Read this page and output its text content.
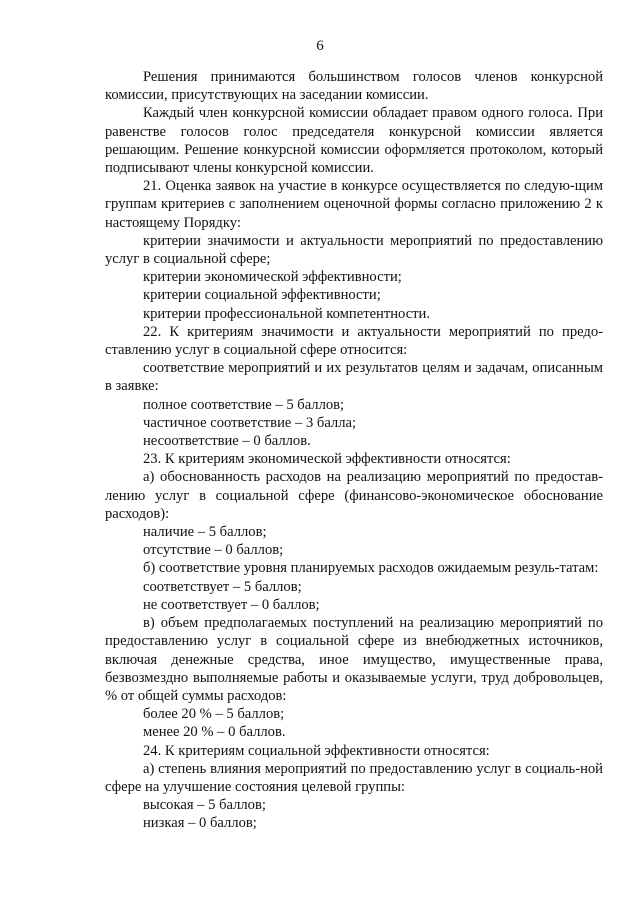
6

Решения принимаются большинством голосов членов конкурсной комиссии, присутствующих на заседании комиссии.

Каждый член конкурсной комиссии обладает правом одного голоса. При равенстве голосов голос председателя конкурсной комиссии является решающим. Решение конкурсной комиссии оформляется протоколом, который подписывают члены конкурсной комиссии.

21. Оценка заявок на участие в конкурсе осуществляется по следую-щим группам критериев с заполнением оценочной формы согласно приложению 2 к настоящему Порядку:

критерии значимости и актуальности мероприятий по предоставлению услуг в социальной сфере;

критерии экономической эффективности;

критерии социальной эффективности;

критерии профессиональной компетентности.

22. К критериям значимости и актуальности мероприятий по предо-ставлению услуг в социальной сфере относится:

соответствие мероприятий и их результатов целям и задачам, описанным в заявке:

полное соответствие – 5 баллов;

частичное соответствие – 3 балла;

несоответствие – 0 баллов.

23. К критериям экономической эффективности относятся:

а) обоснованность расходов на реализацию мероприятий по предостав-лению услуг в социальной сфере (финансово-экономическое обоснование расходов):

наличие – 5 баллов;

отсутствие – 0 баллов;

б) соответствие уровня планируемых расходов ожидаемым резуль-татам:

соответствует – 5 баллов;

не соответствует – 0 баллов;

в) объем предполагаемых поступлений на реализацию мероприятий по предоставлению услуг в социальной сфере из внебюджетных источников, включая денежные средства, иное имущество, имущественные права, безвозмездно выполняемые работы и оказываемые услуги, труд добровольцев, % от общей суммы расходов:

более 20 % – 5 баллов;

менее 20 % – 0 баллов.

24. К критериям социальной эффективности относятся:

а) степень влияния мероприятий по предоставлению услуг в социаль-ной сфере на улучшение состояния целевой группы:

высокая – 5 баллов;

низкая – 0 баллов;
